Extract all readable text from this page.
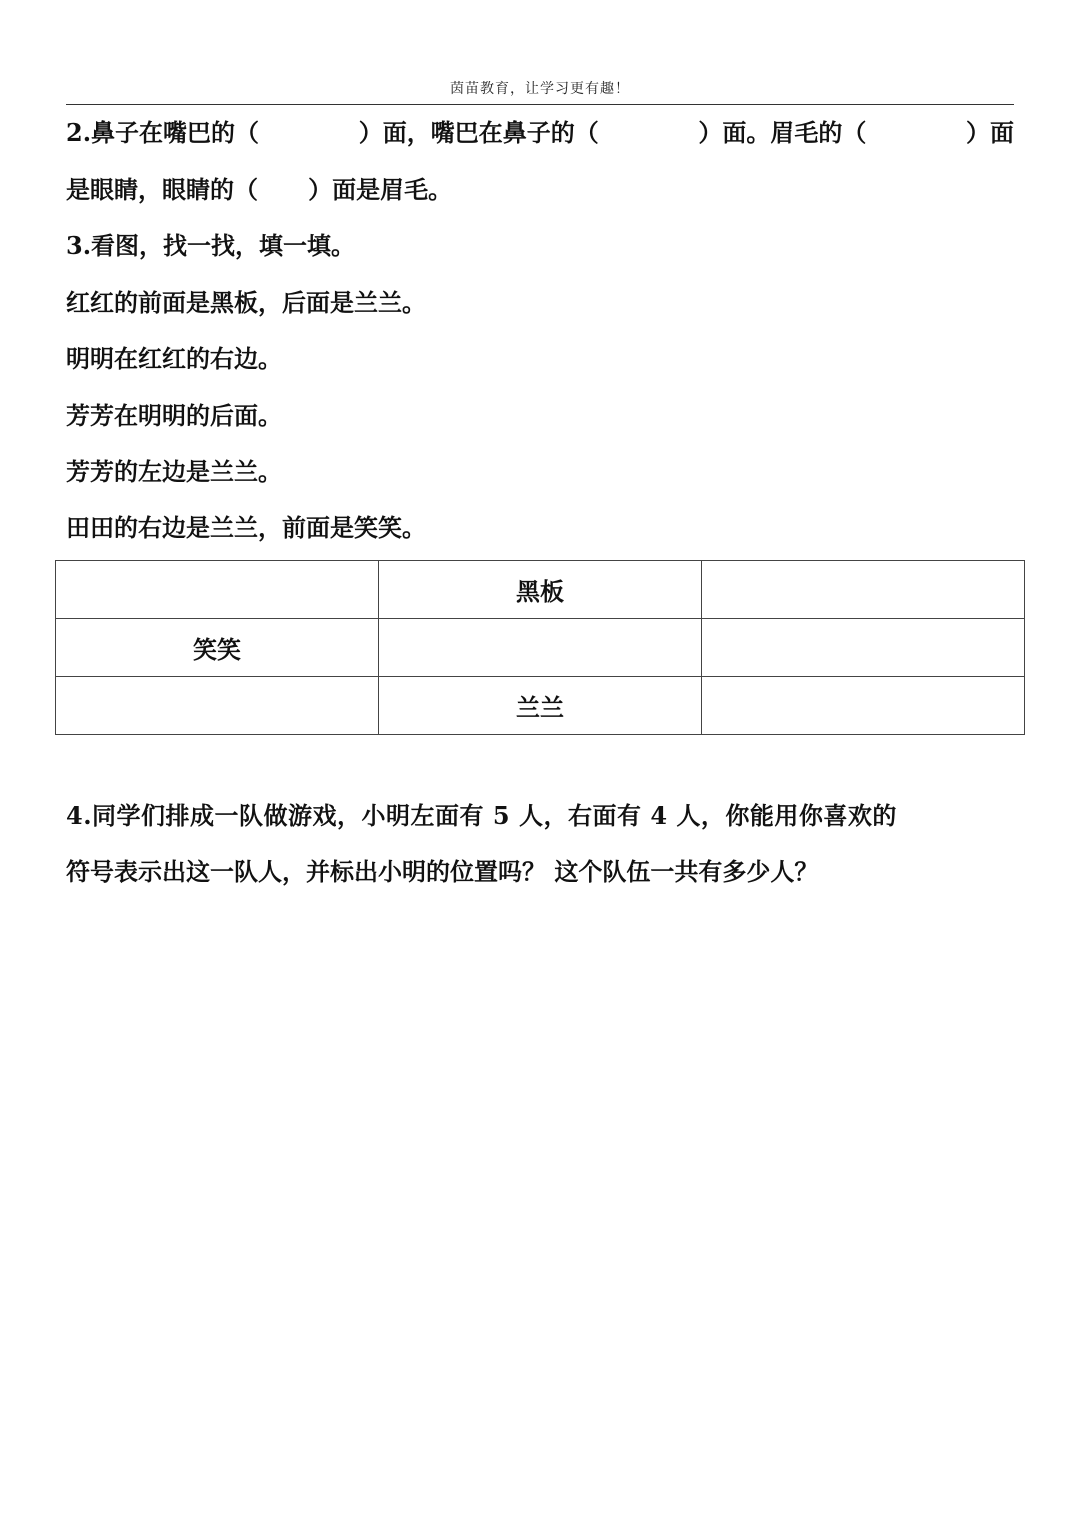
茵苗教育，让学习更有趣！
2.鼻子在嘴巴的（	）面，嘴巴在鼻子的（	）面。眉毛的（	）面
是眼睛，眼睛的（      ）面是眉毛。
3.看图，找一找，填一填。
红红的前面是黑板，后面是兰兰。
明明在红红的右边。
芳芳在明明的后面。
芳芳的左边是兰兰。
田田的右边是兰兰，前面是笑笑。
	黑板	
笑笑		
	兰兰	
4.同学们排成一队做游戏，小明左面有 5 人，右面有 4 人，你能用你喜欢的
符号表示出这一队人，并标出小明的位置吗？ 这个队伍一共有多少人？
